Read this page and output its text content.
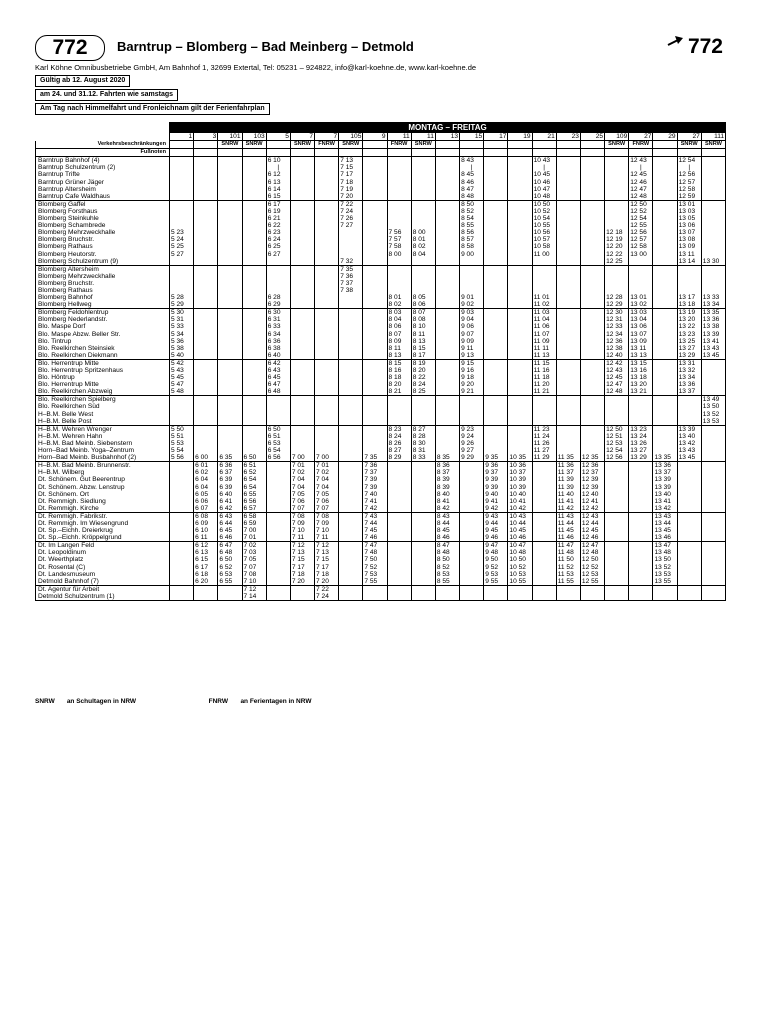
772	Barntrup – Blomberg – Bad Meinberg – Detmold	772
Karl Köhne Omnibusbetriebe GmbH, Am Bahnhof 1, 32699 Extertal, Tel: 05231 – 924822, info@karl-koehne.de, www.karl-koehne.de
Gültig ab 12. August 2020
am 24. und 31.12. Fahrten wie samstags
Am Tag nach Himmelfahrt und Fronleichnam gilt der Ferienfahrplan
	MONTAG – FREITAG																						
	1	3	101	103	5	7	7	105	9	11	11	13	15	17	19	21	23	25	109	27	29	27	111
Verkehrsbeschränkungen			SNRW	SNRW		SNRW	FNRW	SNRW		FNRW	SNRW								SNRW	FNRW		SNRW	SNRW
Fußnoten																							
Barntrup Bahnhof (4)					6 10			7 13					8 43			10 43				12 43		12 54	
Barntrup Schulzentrum (2)					|			7 15					|			|				|		|	
Barntrup Trifte					6 12			7 17					8 45			10 45				12 45		12 56	
Barntrup Grüner Jäger					6 13			7 18					8 46			10 46				12 46		12 57	
Barntrup Altersheim					6 14			7 19					8 47			10 47				12 47		12 58	
Barntrup Cafe Waldhaus					6 15			7 20					8 48			10 48				12 48		12 59	
Blomberg Gaffel					6 17			7 22					8 50			10 50				12 50		13 01	
Blomberg Forsthaus					6 19			7 24					8 52			10 52				12 52		13 03	
Blomberg Steinkuhle					6 21			7 26					8 54			10 54				12 54		13 05	
Blomberg Schambrede					6 22			7 27					8 55			10 55				12 55		13 06	
Blomberg Mehrzweckhalle	5 23				6 23					7 56	8 00		8 56			10 56			12 18	12 56		13 07	
Blomberg Bruchstr.	5 24				6 24					7 57	8 01		8 57			10 57			12 19	12 57		13 08	
Blomberg Rathaus	5 25				6 25					7 58	8 02		8 58			10 58			12 20	12 58		13 09	
Blomberg Heutorstr.	5 27				6 27					8 00	8 04		9 00			11 00			12 22	13 00		13 11	
Blomberg Schulzentrum (9)								7 32											12 25			13 14	13 30
Blomberg Altersheim								7 35															
Blomberg Mehrzweckhalle								7 36															
Blomberg Bruchstr.								7 37															
Blomberg Rathaus								7 38															
Blomberg Bahnhof	5 28				6 28					8 01	8 05		9 01			11 01			12 28	13 01		13 17	13 33
Blomberg Hellweg	5 29				6 29					8 02	8 06		9 02			11 02			12 29	13 02		13 18	13 34
Blomberg Feldohlentrup	5 30				6 30					8 03	8 07		9 03			11 03			12 30	13 03		13 19	13 35
Blomberg Nederlandstr.	5 31				6 31					8 04	8 08		9 04			11 04			12 31	13 04		13 20	13 36
Blo. Maspe Dorf	5 33				6 33					8 06	8 10		9 06			11 06			12 33	13 06		13 22	13 38
Blo. Maspe Abzw. Beller Str.	5 34				6 34					8 07	8 11		9 07			11 07			12 34	13 07		13 23	13 39
Blo. Tintrup	5 36				6 36					8 09	8 13		9 09			11 09			12 36	13 09		13 25	13 41
Blo. Reelkirchen Steinsiek	5 38				6 38					8 11	8 15		9 11			11 11			12 38	13 11		13 27	13 43
Blo. Reelkirchen Diekmann	5 40				6 40					8 13	8 17		9 13			11 13			12 40	13 13		13 29	13 45
Blo. Herrentrup Mitte	5 42				6 42					8 15	8 19		9 15			11 15			12 42	13 15		13 31	
Blo. Herrentrup Spritzenhaus	5 43				6 43					8 16	8 20		9 16			11 16			12 43	13 16		13 32	
Blo. Höntrup	5 45				6 45					8 18	8 22		9 18			11 18			12 45	13 18		13 34	
Blo. Herrentrup Mitte	5 47				6 47					8 20	8 24		9 20			11 20			12 47	13 20		13 36	
Blo. Reelkirchen Abzweig	5 48				6 48					8 21	8 25		9 21			11 21			12 48	13 21		13 37	
Blo. Reelkirchen Spielberg																							13 49
Blo. Reelkirchen Süd																							13 50
H–B.M. Belle West																							13 52
H–B.M. Belle Post																							13 53
H–B.M. Wehren Wrenger	5 50				6 50					8 23	8 27		9 23			11 23			12 50	13 23		13 39	
H–B.M. Wehren Hahn	5 51				6 51					8 24	8 28		9 24			11 24			12 51	13 24		13 40	
H–B.M. Bad Meinb. Siebenstern	5 53				6 53					8 26	8 30		9 26			11 26			12 53	13 26		13 42	
Horn–Bad Meinb. Yoga–Zentrum	5 54				6 54					8 27	8 31		9 27			11 27			12 54	13 27		13 43	
Horn–Bad Meinb. Busbahnhof (2)	5 56	6 00	6 35	6 50	6 56	7 00	7 00		7 35	8 29	8 33	8 35	9 29	9 35	10 35	11 29	11 35	12 35	12 56	13 29	13 35	13 45	
H–B.M. Bad Meinb. Brunnenstr.		6 01	6 36	6 51		7 01	7 01		7 36			8 36		9 36	10 36		11 36	12 36			13 36		
H–B.M. Wilberg		6 02	6 37	6 52		7 02	7 02		7 37			8 37		9 37	10 37		11 37	12 37			13 37		
Dt. Schönem. Gut Beerentrup		6 04	6 39	6 54		7 04	7 04		7 39			8 39		9 39	10 39		11 39	12 39			13 39		
Dt. Schönem. Abzw. Lenstrup		6 04	6 39	6 54		7 04	7 04		7 39			8 39		9 39	10 39		11 39	12 39			13 39		
Dt. Schönem. Ort		6 05	6 40	6 55		7 05	7 05		7 40			8 40		9 40	10 40		11 40	12 40			13 40		
Dt. Remmigh. Siedlung		6 06	6 41	6 56		7 06	7 06		7 41			8 41		9 41	10 41		11 41	12 41			13 41		
Dt. Remmigh. Kirche		6 07	6 42	6 57		7 07	7 07		7 42			8 42		9 42	10 42		11 42	12 42			13 42		
Dt. Remmigh. Fabrikstr.		6 08	6 43	6 58		7 08	7 08		7 43			8 43		9 43	10 43		11 43	12 43			13 43		
Dt. Remmigh. Im Wiesengrund		6 09	6 44	6 59		7 09	7 09		7 44			8 44		9 44	10 44		11 44	12 44			13 44		
Dt. Sp.–Eichh. Dreierkrug		6 10	6 45	7 00		7 10	7 10		7 45			8 45		9 45	10 45		11 45	12 45			13 45		
Dt. Sp.–Eichh. Kröppelgrund		6 11	6 46	7 01		7 11	7 11		7 46			8 46		9 46	10 46		11 46	12 46			13 46		
Dt. Im Langen Feld		6 12	6 47	7 02		7 12	7 12		7 47			8 47		9 47	10 47		11 47	12 47			13 47		
Dt. Leopoldinum		6 13	6 48	7 03		7 13	7 13		7 48			8 48		9 48	10 48		11 48	12 48			13 48		
Dt. Weerthplatz		6 15	6 50	7 05		7 15	7 15		7 50			8 50		9 50	10 50		11 50	12 50			13 50		
Dt. Rosental (C)		6 17	6 52	7 07		7 17	7 17		7 52			8 52		9 52	10 52		11 52	12 52			13 52		
Dt. Landesmuseum		6 18	6 53	7 08		7 18	7 18		7 53			8 53		9 53	10 53		11 53	12 53			13 53		
Detmold Bahnhof (7)		6 20	6 55	7 10		7 20	7 20		7 55			8 55		9 55	10 55		11 55	12 55			13 55		
Dt. Agentur für Arbeit				7 12			7 22																
Detmold Schulzentrum (1)				7 14			7 24																
SNRW an Schultagen in NRW	FNRW an Ferientagen in NRW
